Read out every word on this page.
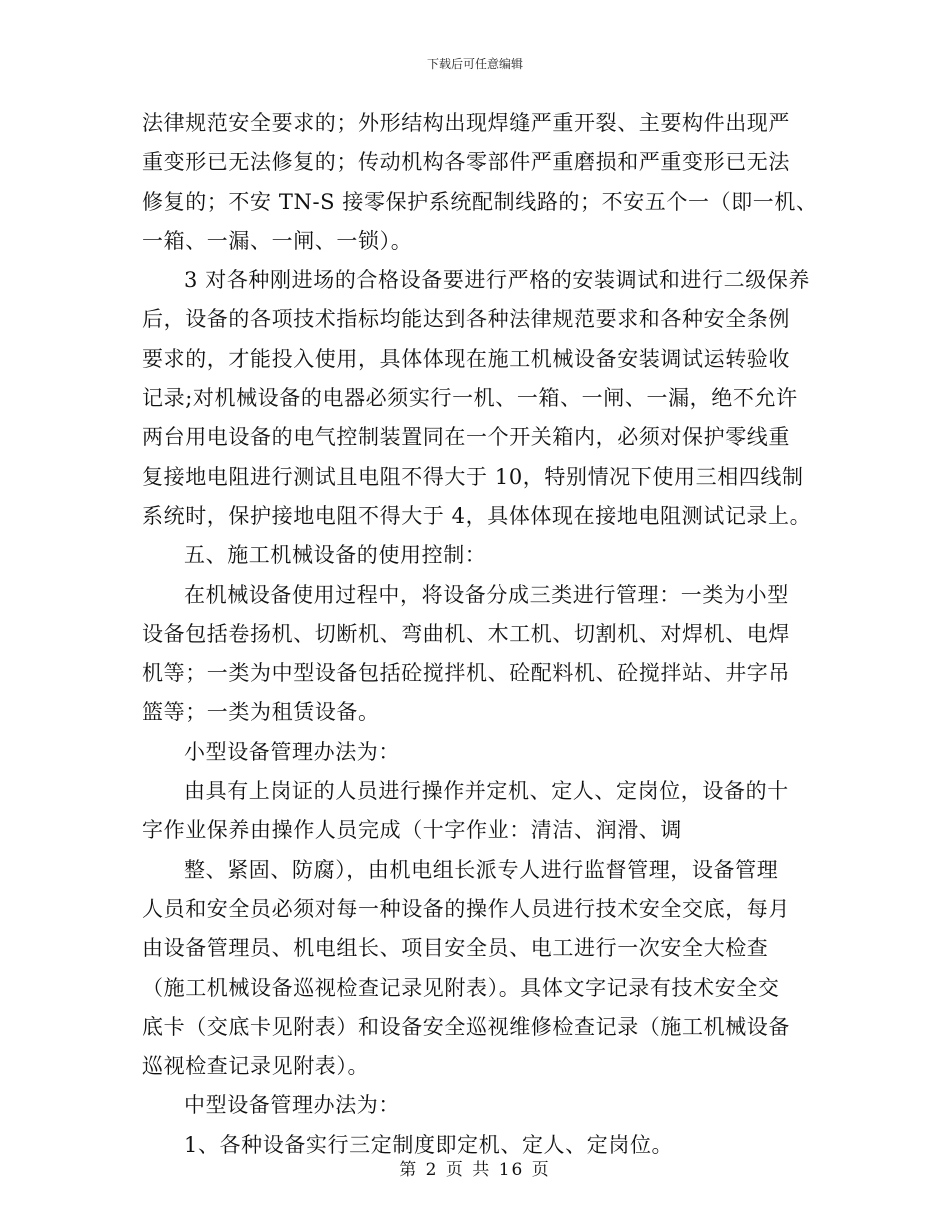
下载后可任意编辑
法律规范安全要求的；外形结构出现焊缝严重开裂、主要构件出现严
重变形已无法修复的；传动机构各零部件严重磨损和严重变形已无法
修复的；不安 TN-S 接零保护系统配制线路的；不安五个一（即一机、
一箱、一漏、一闸、一锁）。
3 对各种刚进场的合格设备要进行严格的安装调试和进行二级保养
后，设备的各项技术指标均能达到各种法律规范要求和各种安全条例
要求的，才能投入使用，具体体现在施工机械设备安装调试运转验收
记录;对机械设备的电器必须实行一机、一箱、一闸、一漏，绝不允许
两台用电设备的电气控制装置同在一个开关箱内，必须对保护零线重
复接地电阻进行测试且电阻不得大于 10，特别情况下使用三相四线制
系统时，保护接地电阻不得大于 4，具体体现在接地电阻测试记录上。
五、施工机械设备的使用控制：
在机械设备使用过程中，将设备分成三类进行管理：一类为小型
设备包括卷扬机、切断机、弯曲机、木工机、切割机、对焊机、电焊
机等；一类为中型设备包括砼搅拌机、砼配料机、砼搅拌站、井字吊
篮等；一类为租赁设备。
小型设备管理办法为：
由具有上岗证的人员进行操作并定机、定人、定岗位，设备的十
字作业保养由操作人员完成（十字作业：清洁、润滑、调
整、紧固、防腐），由机电组长派专人进行监督管理，设备管理
人员和安全员必须对每一种设备的操作人员进行技术安全交底，每月
由设备管理员、机电组长、项目安全员、电工进行一次安全大检查
（施工机械设备巡视检查记录见附表）。具体文字记录有技术安全交
底卡（交底卡见附表）和设备安全巡视维修检查记录（施工机械设备
巡视检查记录见附表）。
中型设备管理办法为：
1、各种设备实行三定制度即定机、定人、定岗位。
第 2 页 共 16 页
